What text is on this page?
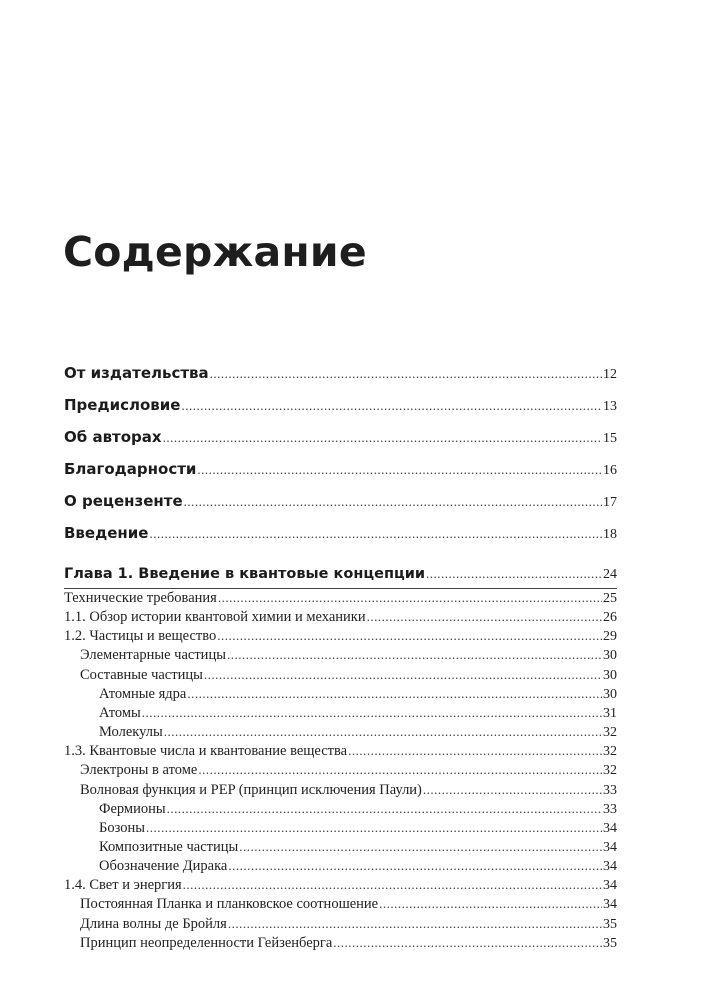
Содержание
От издательства .....	12
Предисловие .....	13
Об авторах .....	15
Благодарности .....	16
О рецензенте .....	17
Введение .....	18
Глава 1. Введение в квантовые концепции .....	24
Технические требования .....	25
1.1. Обзор истории квантовой химии и механики .....	26
1.2. Частицы и вещество .....	29
Элементарные частицы .....	30
Составные частицы .....	30
Атомные ядра .....	30
Атомы .....	31
Молекулы .....	32
1.3. Квантовые числа и квантование вещества .....	32
Электроны в атоме .....	32
Волновая функция и PEP (принцип исключения Паули) .....	33
Фермионы .....	33
Бозоны .....	34
Композитные частицы .....	34
Обозначение Дирака .....	34
1.4. Свет и энергия .....	34
Постоянная Планка и планковское соотношение .....	34
Длина волны де Бройля .....	35
Принцип неопределенности Гейзенберга .....	35
